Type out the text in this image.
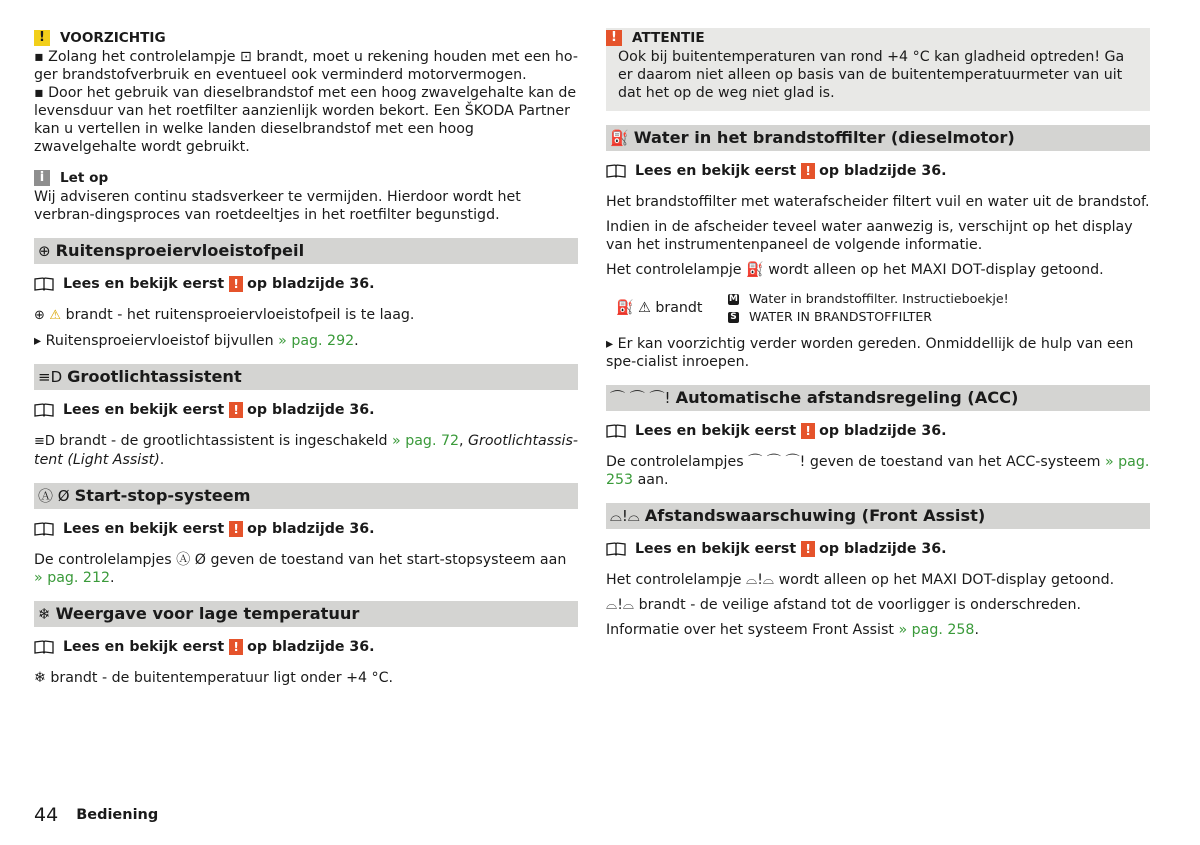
!	VOORZICHTIG

▪ Zolang het controlelampje ⊡ brandt, moet u rekening houden met een ho-ger brandstofverbruik en eventueel ook verminderd motorvermogen.

▪ Door het gebruik van dieselbrandstof met een hoog zwavelgehalte kan de levensduur van het roetfilter aanzienlijk worden bekort. Een ŠKODA Partner kan u vertellen in welke landen dieselbrandstof met een hoog zwavelgehalte wordt gebruikt.

i	Let op

Wij adviseren continu stadsverkeer te vermijden. Hierdoor wordt het verbran-dingsproces van roetdeeltjes in het roetfilter begunstigd.

⊕ Ruitensproeiervloeistofpeil
Lees en bekijk eerst ! op bladzijde 36.

⊕ ⚠ brandt - het ruitensproeiervloeistofpeil is te laag.

▸ Ruitensproeiervloeistof bijvullen » pag. 292.

≡D Grootlichtassistent
Lees en bekijk eerst ! op bladzijde 36.

≡D brandt - de grootlichtassistent is ingeschakeld » pag. 72, Grootlichtassis-tent (Light Assist).

Ⓐ Ø Start-stop-systeem
Lees en bekijk eerst ! op bladzijde 36.

De controlelampjes Ⓐ Ø geven de toestand van het start-stopsysteem aan » pag. 212.

❄ Weergave voor lage temperatuur
Lees en bekijk eerst ! op bladzijde 36.

❄ brandt - de buitentemperatuur ligt onder +4 °C.

!	ATTENTIE

Ook bij buitentemperaturen van rond +4 °C kan gladheid optreden! Ga er daarom niet alleen op basis van de buitentemperatuurmeter van uit dat het op de weg niet glad is.

⛽ Water in het brandstoffilter (dieselmotor)
Lees en bekijk eerst ! op bladzijde 36.

Het brandstoffilter met waterafscheider filtert vuil en water uit de brandstof.

Indien in de afscheider teveel water aanwezig is, verschijnt op het display van het instrumentenpaneel de volgende informatie.

Het controlelampje ⛽ wordt alleen op het MAXI DOT-display getoond.

⛽ ⚠ brandt
M Water in brandstoffilter. Instructieboekje!
S WATER IN BRANDSTOFFILTER

▸ Er kan voorzichtig verder worden gereden. Onmiddellijk de hulp van een spe-cialist inroepen.

⌒ ⌒ ⌒! Automatische afstandsregeling (ACC)
Lees en bekijk eerst ! op bladzijde 36.

De controlelampjes ⌒ ⌒ ⌒! geven de toestand van het ACC-systeem » pag. 253 aan.

⌓!⌓ Afstandswaarschuwing (Front Assist)
Lees en bekijk eerst ! op bladzijde 36.

Het controlelampje ⌓!⌓ wordt alleen op het MAXI DOT-display getoond.

⌓!⌓ brandt - de veilige afstand tot de voorligger is onderschreden.

Informatie over het systeem Front Assist » pag. 258.

44 Bediening
